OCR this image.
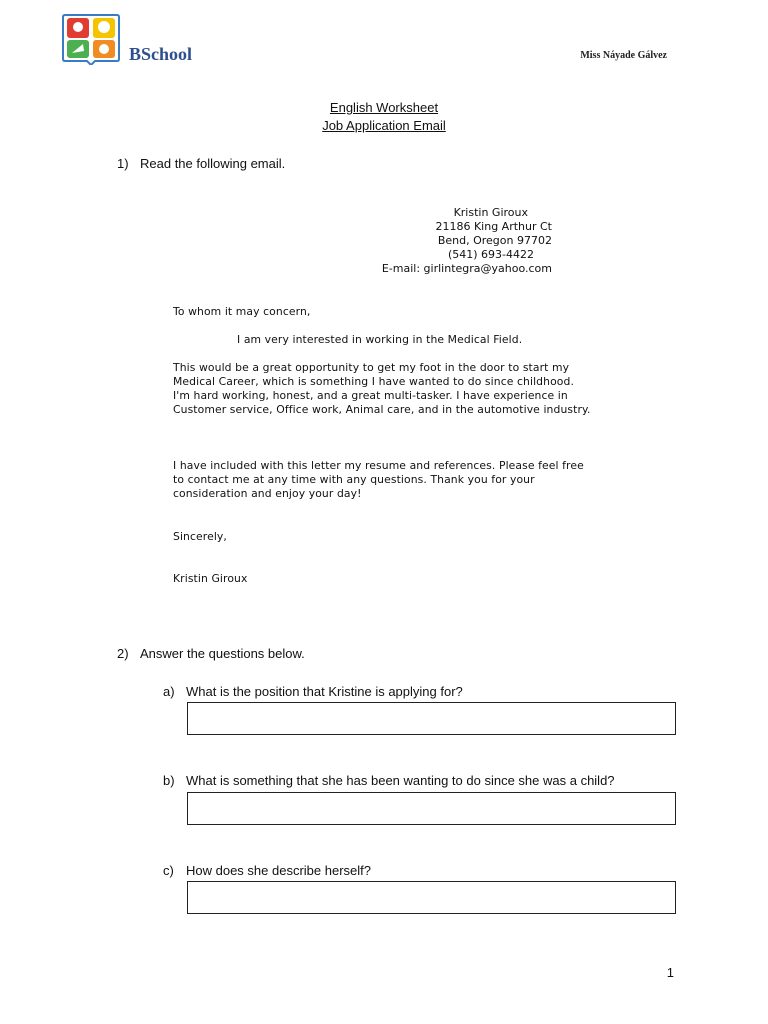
BSchool	Miss Náyade Gálvez
English Worksheet
Job Application Email
1) Read the following email.
Kristin Giroux
21186 King Arthur Ct
Bend, Oregon 97702
(541) 693-4422
E-mail: girlintegra@yahoo.com
To whom it may concern,
I am very interested in working in the Medical Field.
This would be a great opportunity to get my foot in the door to start my Medical Career, which is something I have wanted to do since childhood. I'm hard working, honest, and a great multi-tasker. I have experience in Customer service, Office work, Animal care, and in the automotive industry.
I have included with this letter my resume and references. Please feel free to contact me at any time with any questions. Thank you for your consideration and enjoy your day!
Sincerely,
Kristin Giroux
2) Answer the questions below.
a) What is the position that Kristine is applying for?
b) What is something that she has been wanting to do since she was a child?
c) How does she describe herself?
1
